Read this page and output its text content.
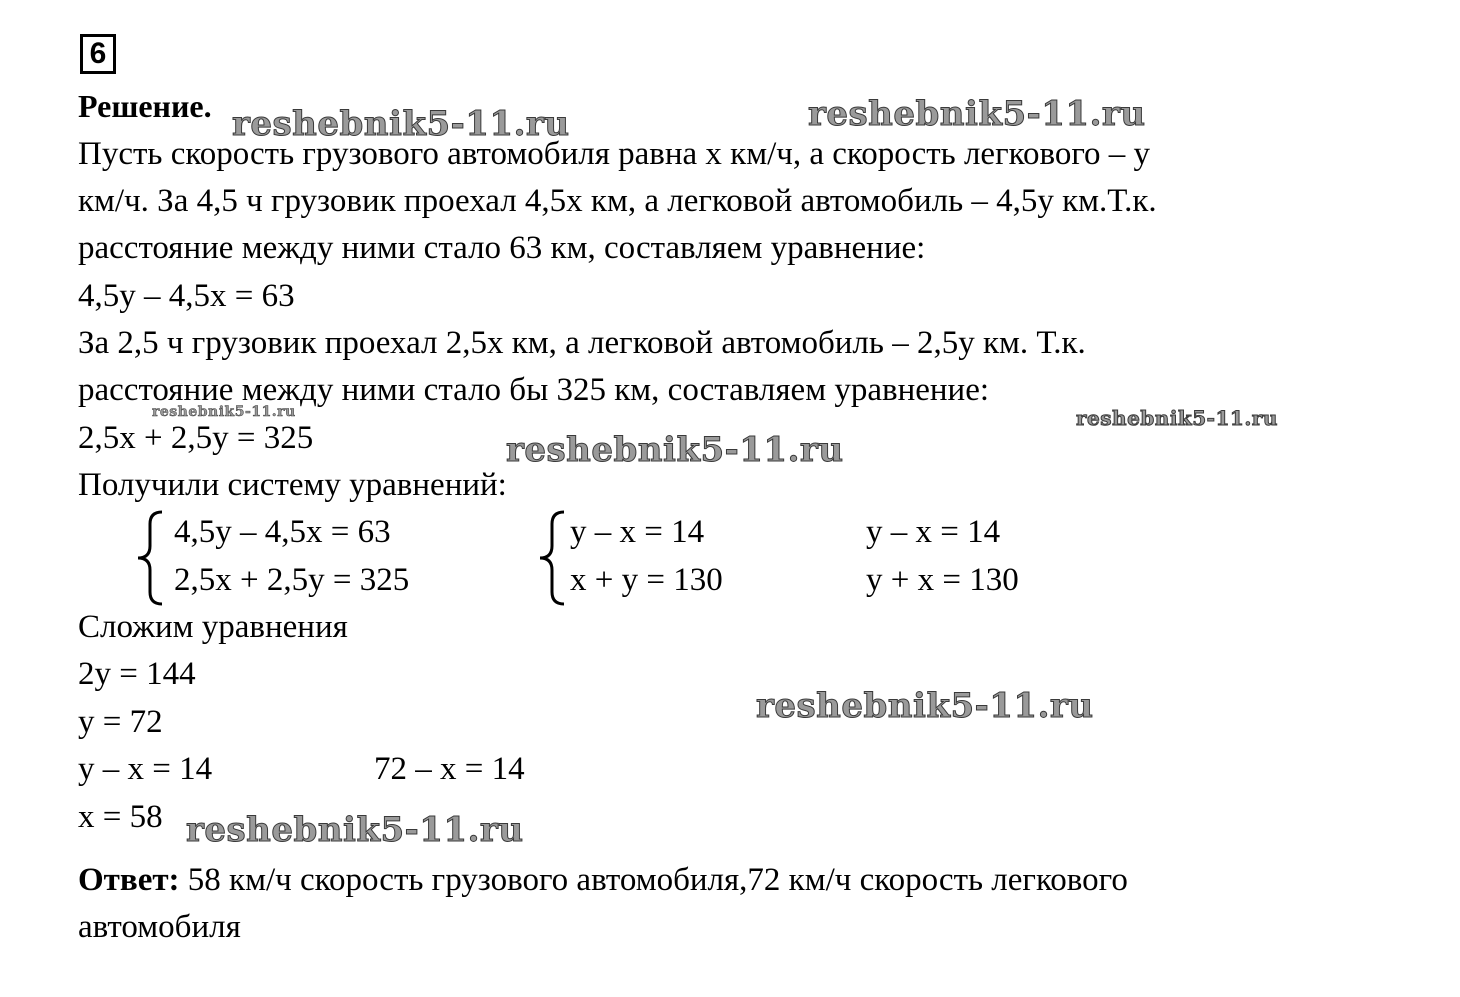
6
Решение.
Пусть скорость грузового автомобиля равна x км/ч, а скорость легкового – y
км/ч. За 4,5 ч грузовик проехал 4,5x км, а легковой автомобиль – 4,5y км.Т.к.
расстояние между ними стало 63 км, составляем уравнение:
4,5y – 4,5x = 63
За 2,5 ч грузовик проехал 2,5x км, а легковой автомобиль – 2,5y км. Т.к.
расстояние между ними стало бы 325 км, составляем уравнение:
2,5x + 2,5y = 325
Получили систему уравнений:
4,5y – 4,5x = 63
2,5x + 2,5y = 325
y – x = 14
x + y = 130
y – x = 14
y + x = 130
Сложим уравнения
2y = 144
y = 72
y – x = 14	72 – x = 14
x = 58
Ответ: 58 км/ч скорость грузового автомобиля,72 км/ч скорость легкового
автомобиля
reshebnik5-11.ru	reshebnik5-11.ru
reshebnik5-11.ru	reshebnik5-11.ru
reshebnik5-11.ru
reshebnik5-11.ru
reshebnik5-11.ru
